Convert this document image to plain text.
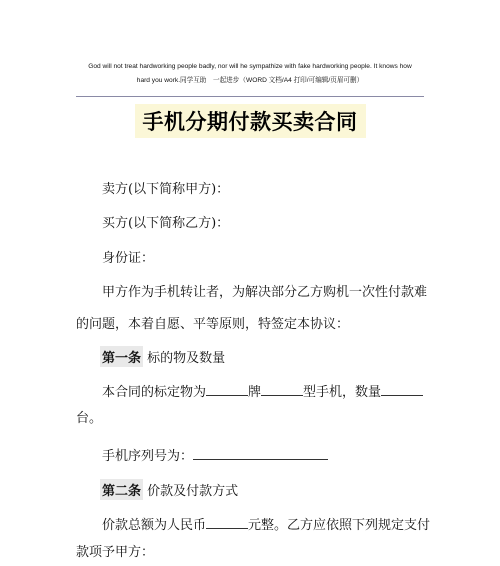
God will not treat hardworking people badly, nor will he sympathize with fake hardworking people. It knows how
hard you work.同学互助　一起进步（WORD 文档/A4 打印/可编辑/页眉可删）
手机分期付款买卖合同
卖方(以下简称甲方)：
买方(以下简称乙方)：
身份证：
甲方作为手机转让者，为解决部分乙方购机一次性付款难
的问题，本着自愿、平等原则，特签定本协议：
第一条 标的物及数量
本合同的标定物为	牌	型手机，数量
台。
手机序列号为：
第二条 价款及付款方式
价款总额为人民币	元整。乙方应依照下列规定支付
款项予甲方：
